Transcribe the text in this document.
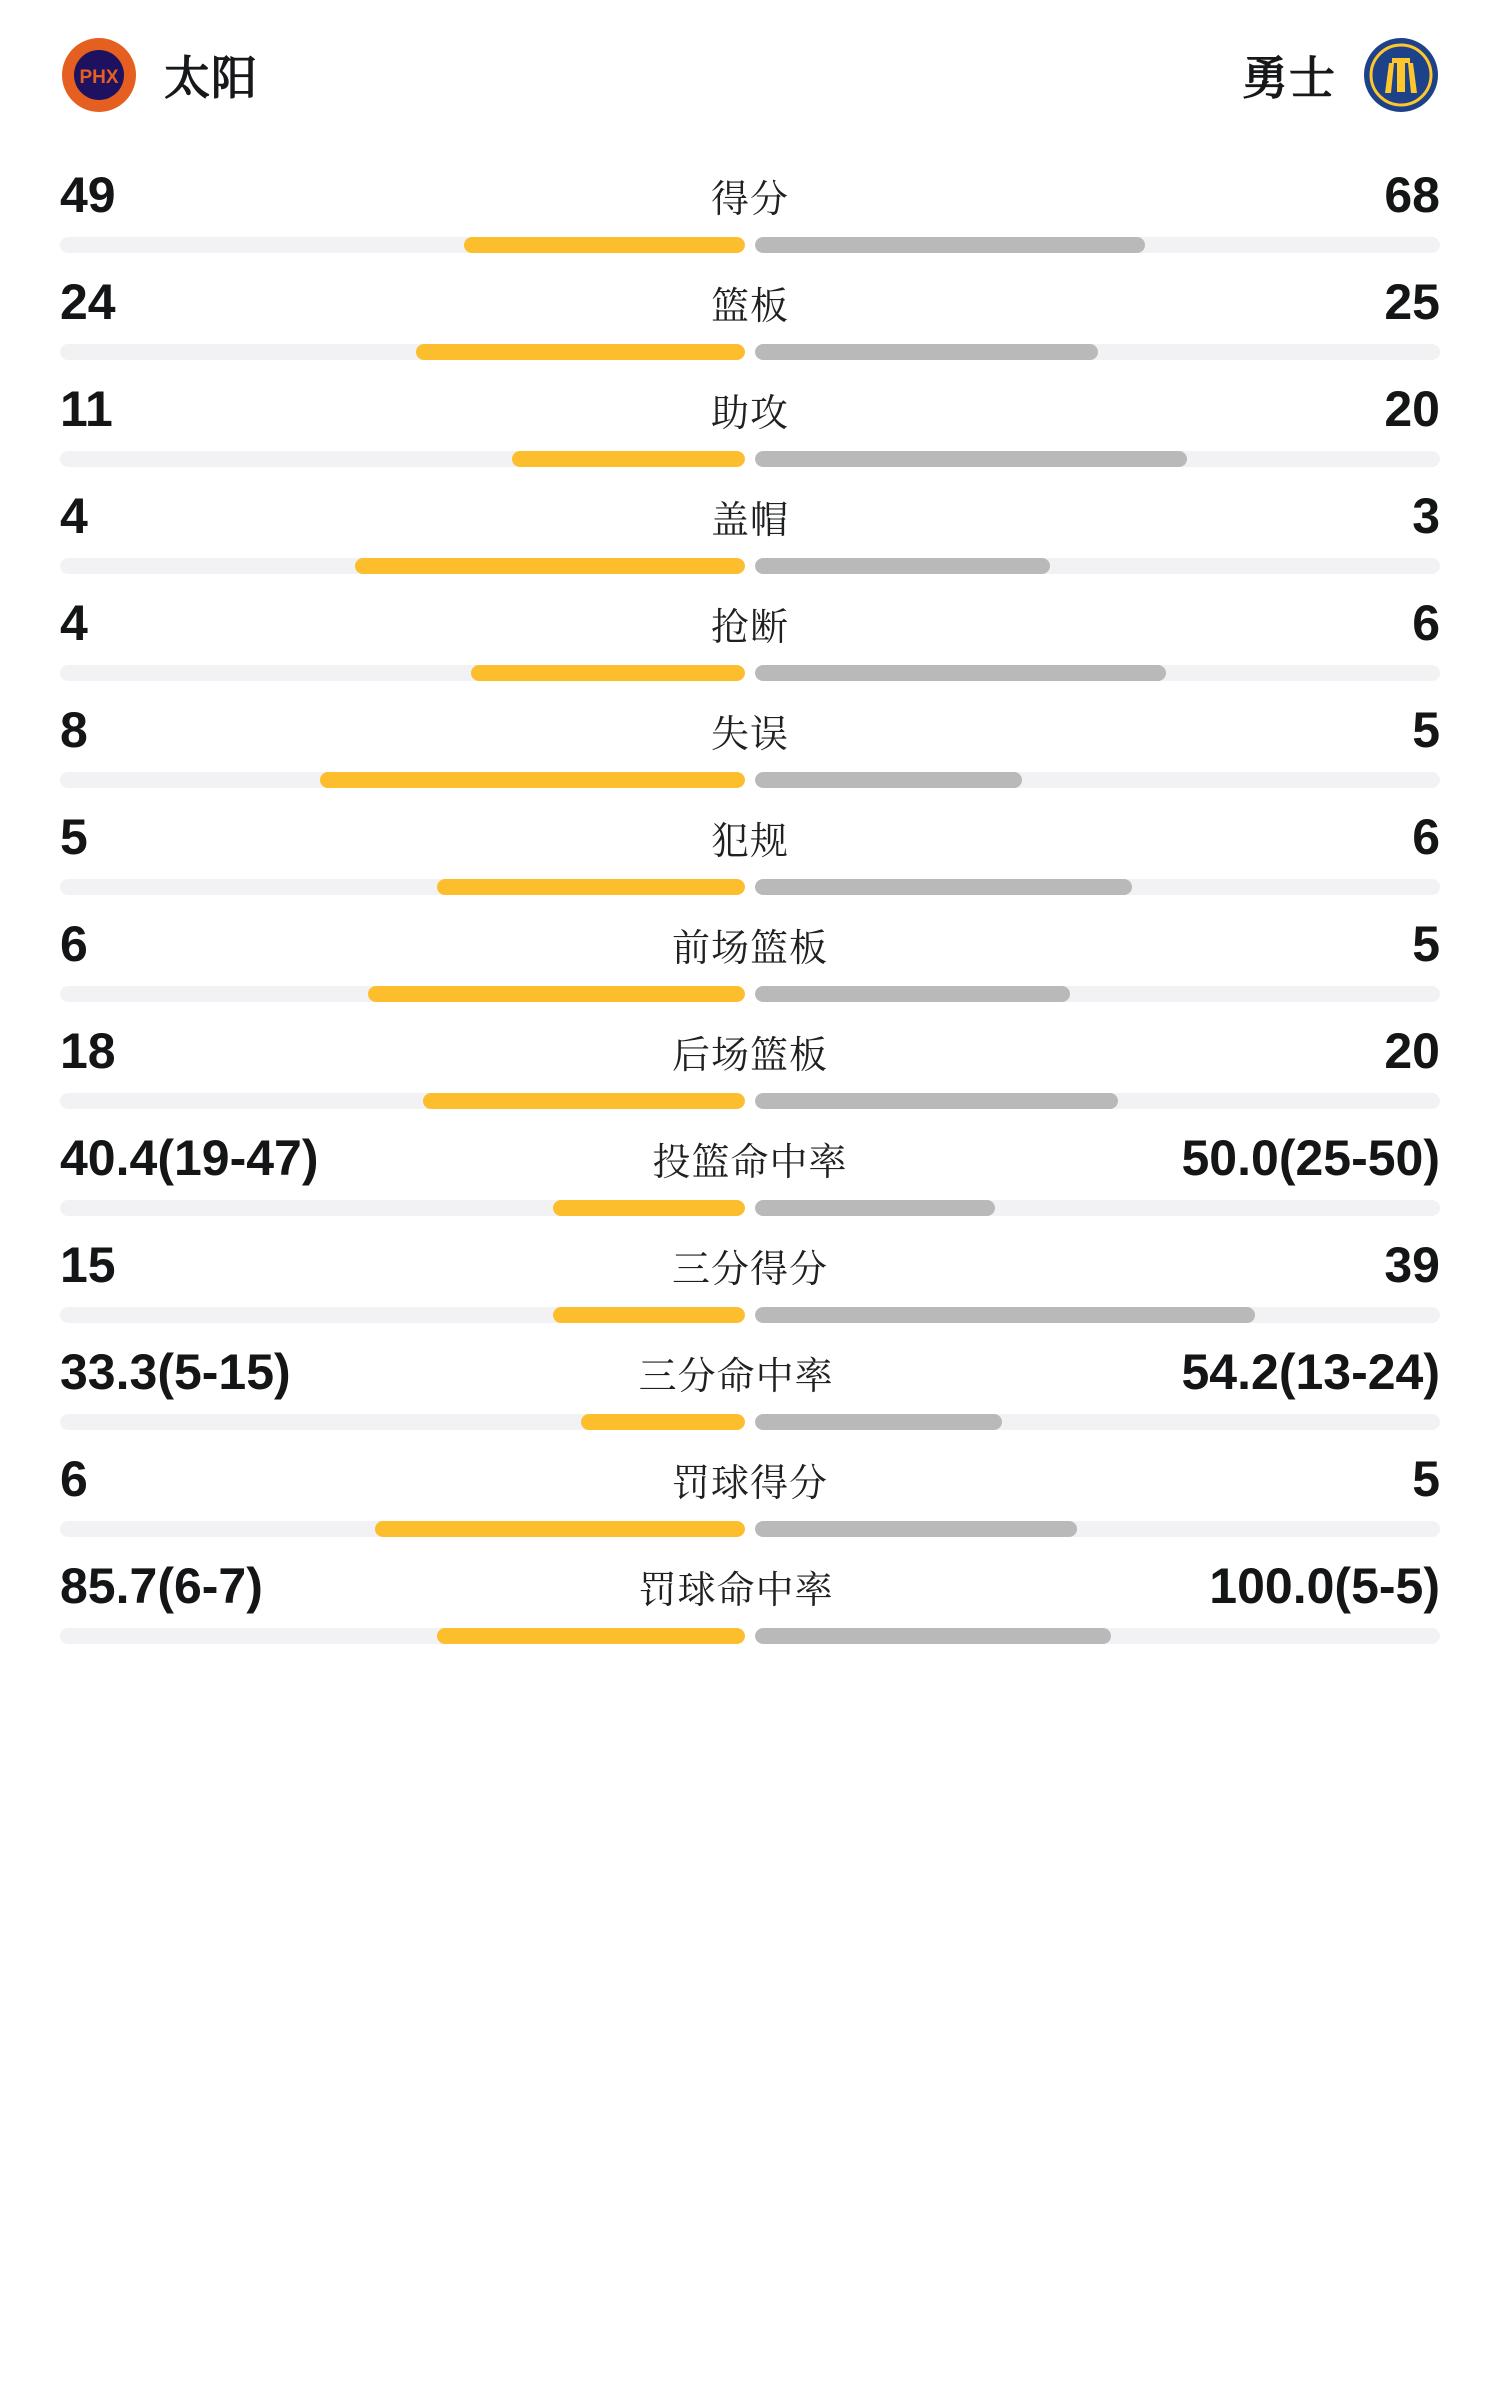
PHX 太阳	勇士
49	得分	68
24	篮板	25
11	助攻	20
4	盖帽	3
4	抢断	6
8	失误	5
5	犯规	6
6	前场篮板	5
18	后场篮板	20
40.4(19-47)	投篮命中率	50.0(25-50)
15	三分得分	39
33.3(5-15)	三分命中率	54.2(13-24)
6	罚球得分	5
85.7(6-7)	罚球命中率	100.0(5-5)
